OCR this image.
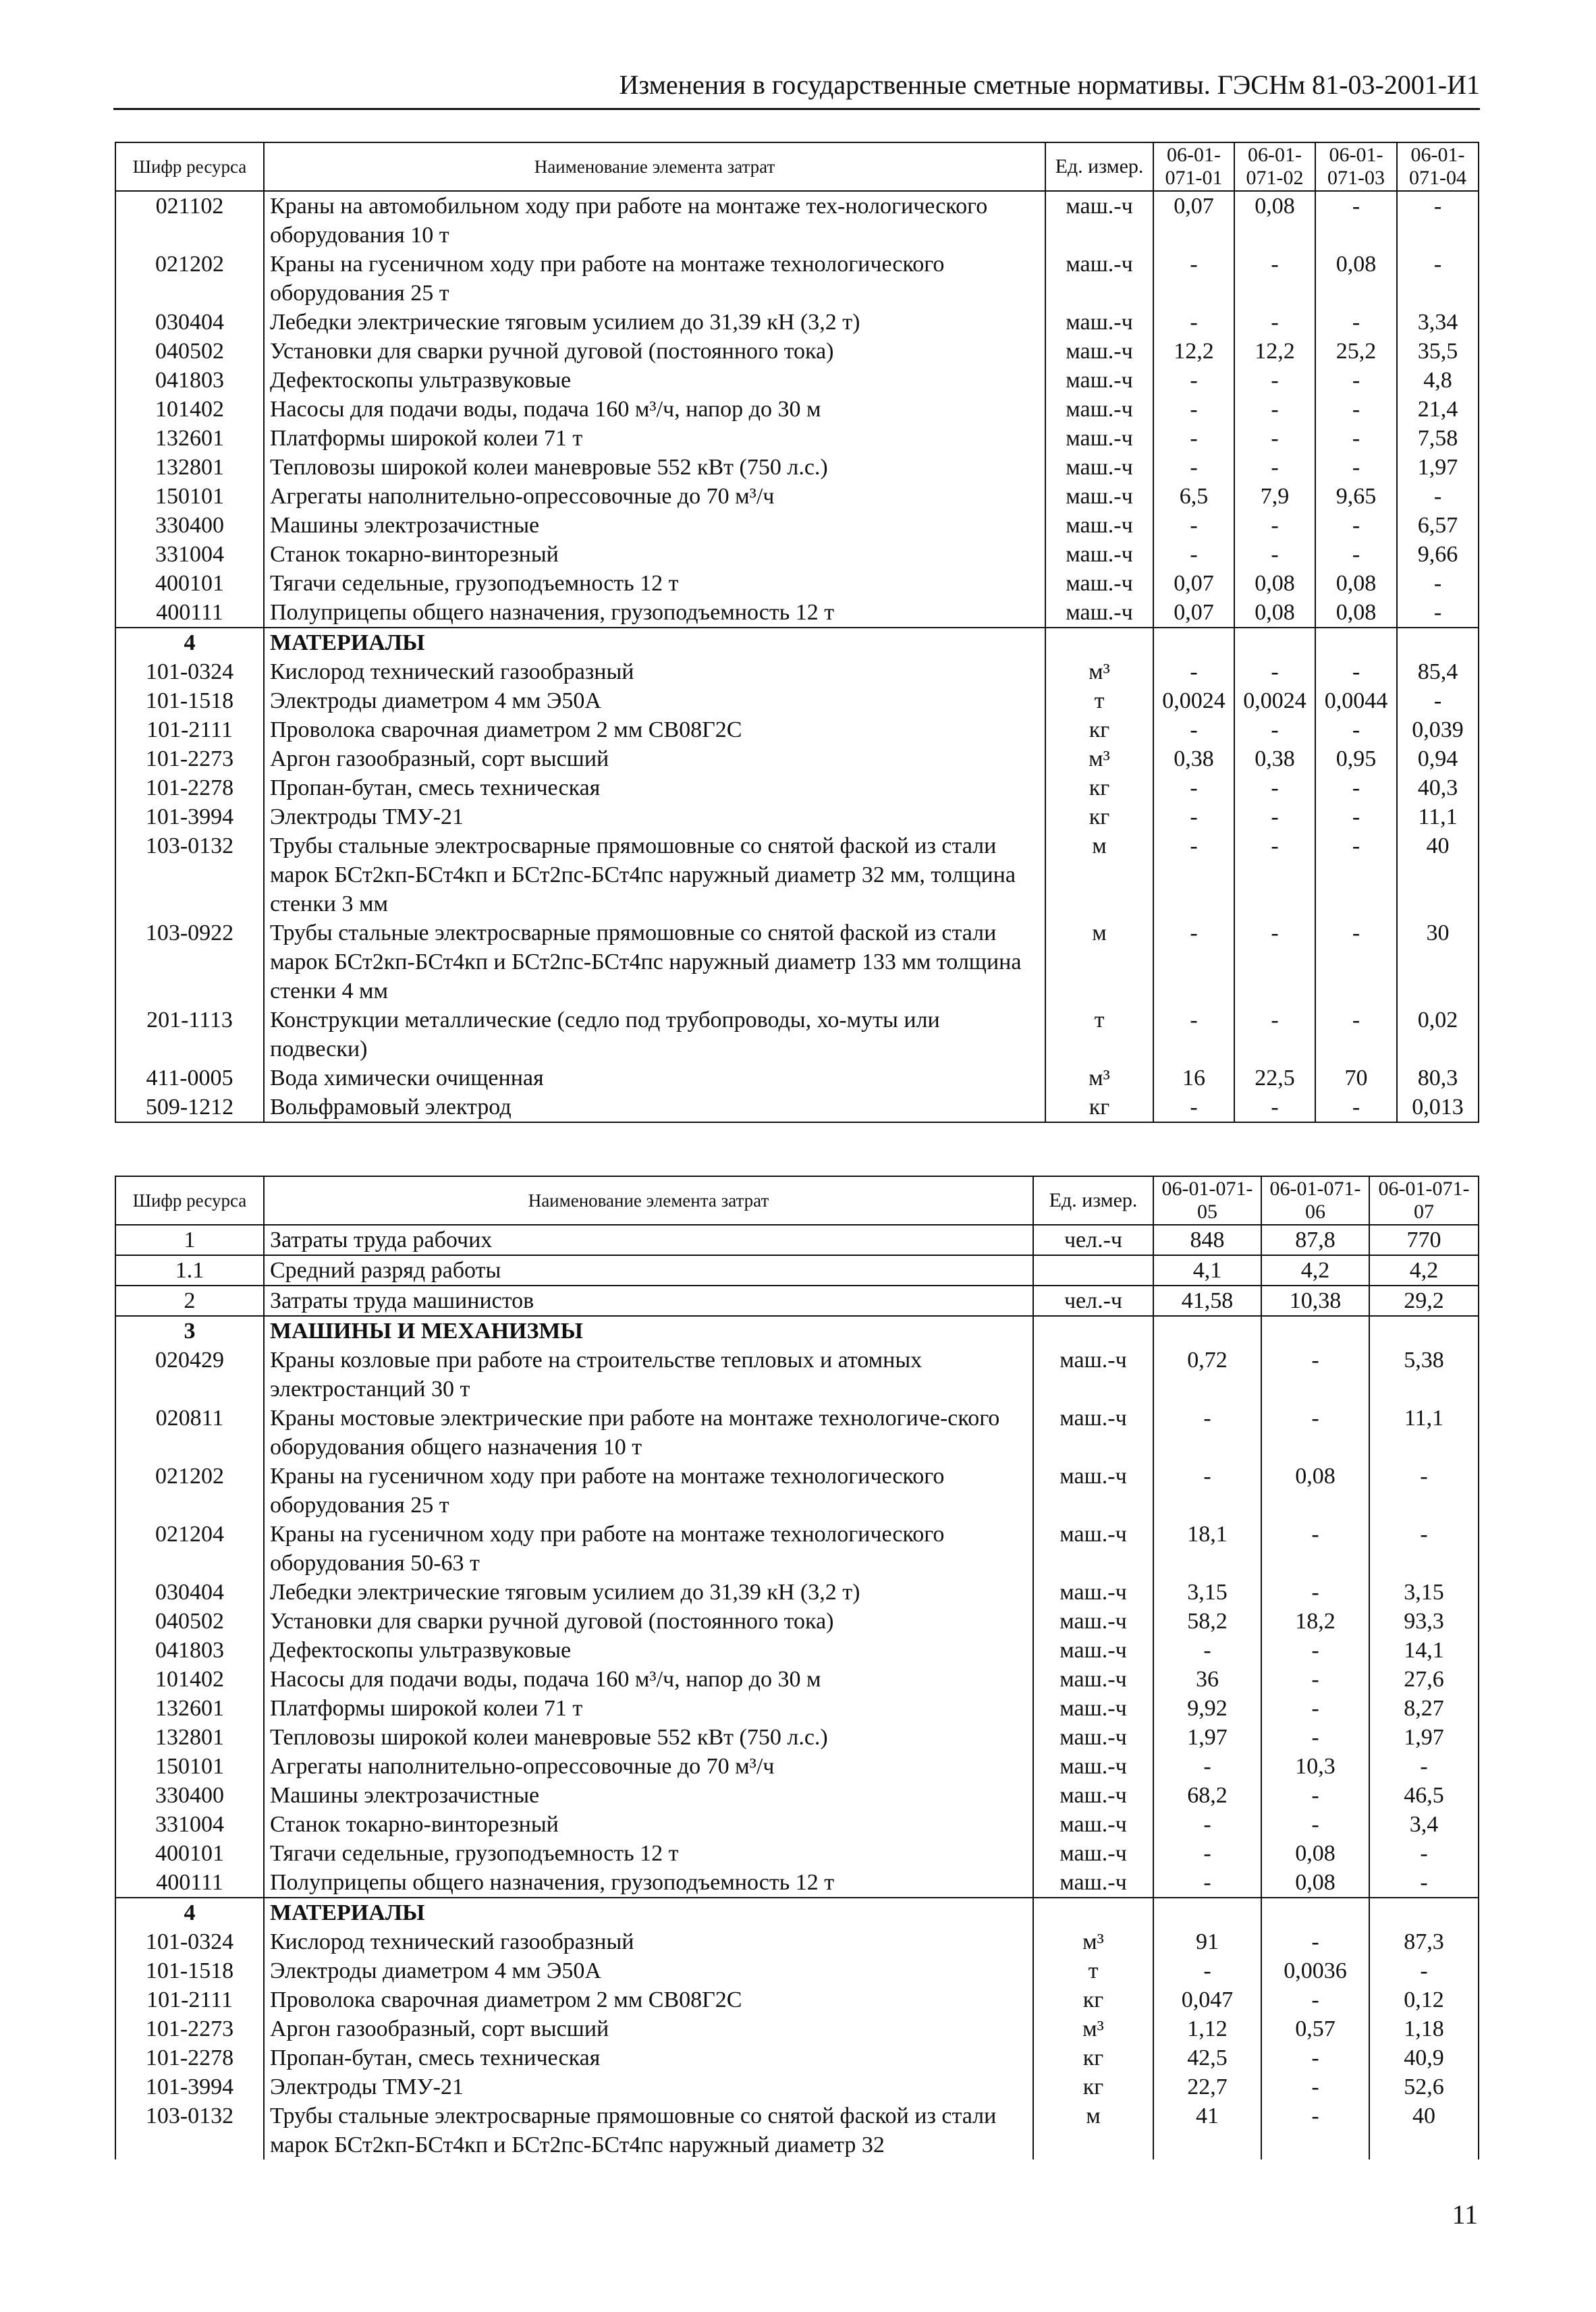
Изменения в государственные сметные нормативы. ГЭСНм 81-03-2001-И1
Шифр ресурса	Наименование элемента затрат	Ед. измер.	06-01-071-01	06-01-071-02	06-01-071-03	06-01-071-04
021102	Краны на автомобильном ходу при работе на монтаже тех-нологического оборудования 10 т	маш.-ч	0,07	0,08	-	-
021202	Краны на гусеничном ходу при работе на монтаже технологического оборудования 25 т	маш.-ч	-	-	0,08	-
030404	Лебедки электрические тяговым усилием до 31,39 кН (3,2 т)	маш.-ч	-	-	-	3,34
040502	Установки для сварки ручной дуговой (постоянного тока)	маш.-ч	12,2	12,2	25,2	35,5
041803	Дефектоскопы ультразвуковые	маш.-ч	-	-	-	4,8
101402	Насосы для подачи воды, подача 160 м³/ч, напор до 30 м	маш.-ч	-	-	-	21,4
132601	Платформы широкой колеи 71 т	маш.-ч	-	-	-	7,58
132801	Тепловозы широкой колеи маневровые 552 кВт (750 л.с.)	маш.-ч	-	-	-	1,97
150101	Агрегаты наполнительно-опрессовочные до 70 м³/ч	маш.-ч	6,5	7,9	9,65	-
330400	Машины электрозачистные	маш.-ч	-	-	-	6,57
331004	Станок токарно-винторезный	маш.-ч	-	-	-	9,66
400101	Тягачи седельные, грузоподъемность 12 т	маш.-ч	0,07	0,08	0,08	-
400111	Полуприцепы общего назначения, грузоподъемность 12 т	маш.-ч	0,07	0,08	0,08	-
4	МАТЕРИАЛЫ					
101-0324	Кислород технический газообразный	м³	-	-	-	85,4
101-1518	Электроды диаметром 4 мм Э50А	т	0,0024	0,0024	0,0044	-
101-2111	Проволока сварочная диаметром 2 мм СВ08Г2С	кг	-	-	-	0,039
101-2273	Аргон газообразный, сорт высший	м³	0,38	0,38	0,95	0,94
101-2278	Пропан-бутан, смесь техническая	кг	-	-	-	40,3
101-3994	Электроды ТМУ-21	кг	-	-	-	11,1
103-0132	Трубы стальные электросварные прямошовные со снятой фаской из стали марок БСт2кп-БСт4кп и БСт2пс-БСт4пс наружный диаметр 32 мм, толщина стенки 3 мм	м	-	-	-	40
103-0922	Трубы стальные электросварные прямошовные со снятой фаской из стали марок БСт2кп-БСт4кп и БСт2пс-БСт4пс наружный диаметр 133 мм толщина стенки 4 мм	м	-	-	-	30
201-1113	Конструкции металлические (седло под трубопроводы, хо-муты или подвески)	т	-	-	-	0,02
411-0005	Вода химически очищенная	м³	16	22,5	70	80,3
509-1212	Вольфрамовый электрод	кг	-	-	-	0,013
Шифр ресурса	Наименование элемента затрат	Ед. измер.	06-01-071-05	06-01-071-06	06-01-071-07
1	Затраты труда рабочих	чел.-ч	848	87,8	770
1.1	Средний разряд работы		4,1	4,2	4,2
2	Затраты труда машинистов	чел.-ч	41,58	10,38	29,2
3	МАШИНЫ И МЕХАНИЗМЫ				
020429	Краны козловые при работе на строительстве тепловых и атомных электростанций 30 т	маш.-ч	0,72	-	5,38
020811	Краны мостовые электрические при работе на монтаже технологиче-ского оборудования общего назначения 10 т	маш.-ч	-	-	11,1
021202	Краны на гусеничном ходу при работе на монтаже технологического оборудования 25 т	маш.-ч	-	0,08	-
021204	Краны на гусеничном ходу при работе на монтаже технологического оборудования 50-63 т	маш.-ч	18,1	-	-
030404	Лебедки электрические тяговым усилием до 31,39 кН (3,2 т)	маш.-ч	3,15	-	3,15
040502	Установки для сварки ручной дуговой (постоянного тока)	маш.-ч	58,2	18,2	93,3
041803	Дефектоскопы ультразвуковые	маш.-ч	-	-	14,1
101402	Насосы для подачи воды, подача 160 м³/ч, напор до 30 м	маш.-ч	36	-	27,6
132601	Платформы широкой колеи 71 т	маш.-ч	9,92	-	8,27
132801	Тепловозы широкой колеи маневровые 552 кВт (750 л.с.)	маш.-ч	1,97	-	1,97
150101	Агрегаты наполнительно-опрессовочные до 70 м³/ч	маш.-ч	-	10,3	-
330400	Машины электрозачистные	маш.-ч	68,2	-	46,5
331004	Станок токарно-винторезный	маш.-ч	-	-	3,4
400101	Тягачи седельные, грузоподъемность 12 т	маш.-ч	-	0,08	-
400111	Полуприцепы общего назначения, грузоподъемность 12 т	маш.-ч	-	0,08	-
4	МАТЕРИАЛЫ				
101-0324	Кислород технический газообразный	м³	91	-	87,3
101-1518	Электроды диаметром 4 мм Э50А	т	-	0,0036	-
101-2111	Проволока сварочная диаметром 2 мм СВ08Г2С	кг	0,047	-	0,12
101-2273	Аргон газообразный, сорт высший	м³	1,12	0,57	1,18
101-2278	Пропан-бутан, смесь техническая	кг	42,5	-	40,9
101-3994	Электроды ТМУ-21	кг	22,7	-	52,6
103-0132	Трубы стальные электросварные прямошовные со снятой фаской из стали марок БСт2кп-БСт4кп и БСт2пс-БСт4пс наружный диаметр 32	м	41	-	40
11
